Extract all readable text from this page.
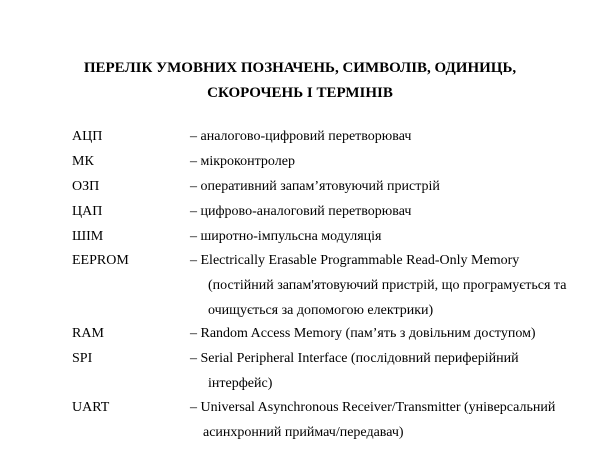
ПЕРЕЛІК УМОВНИХ ПОЗНАЧЕНЬ, СИМВОЛІВ, ОДИНИЦЬ,
СКОРОЧЕНЬ І ТЕРМІНІВ
АЦП	– аналогово-цифровий перетворювач
МК	– мікроконтролер
ОЗП	– оперативний запам’ятовуючий пристрій
ЦАП	– цифрово-аналоговий перетворювач
ШІМ	– широтно-імпульсна модуляція
EEPROM	– Electrically Erasable Programmable Read-Only Memory
(постійний запам'ятовуючий пристрій, що програмується та
очищується за допомогою електрики)
RAM	– Random Access Memory (пам’ять з довільним доступом)
SPI	– Serial Peripheral Interface (послідовний периферійний
інтерфейс)
UART	– Universal Asynchronous Receiver/Transmitter (універсальний
асинхронний приймач/передавач)
